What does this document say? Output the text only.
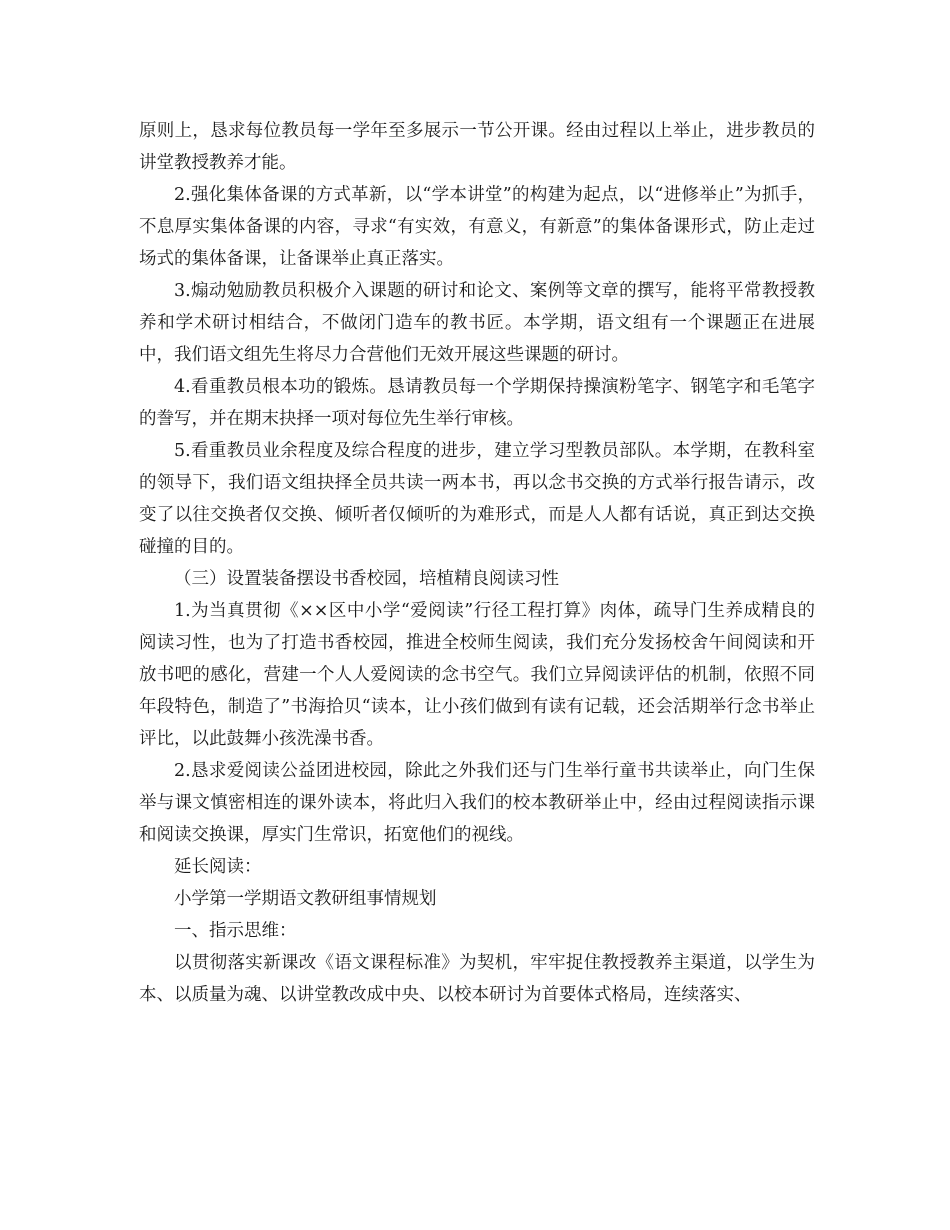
原则上，恳求每位教员每一学年至多展示一节公开课。经由过程以上举止，进步教员的讲堂教授教养才能。

2.强化集体备课的方式革新，以“学本讲堂”的构建为起点，以“进修举止”为抓手，不息厚实集体备课的内容，寻求“有实效，有意义，有新意”的集体备课形式，防止走过场式的集体备课，让备课举止真正落实。

3.煽动勉励教员积极介入课题的研讨和论文、案例等文章的撰写，能将平常教授教养和学术研讨相结合，不做闭门造车的教书匠。本学期，语文组有一个课题正在进展中，我们语文组先生将尽力合营他们无效开展这些课题的研讨。

4.看重教员根本功的锻炼。恳请教员每一个学期保持操演粉笔字、钢笔字和毛笔字的誊写，并在期末抉择一项对每位先生举行审核。

5.看重教员业余程度及综合程度的进步，建立学习型教员部队。本学期，在教科室的领导下，我们语文组抉择全员共读一两本书，再以念书交换的方式举行报告请示，改变了以往交换者仅交换、倾听者仅倾听的为难形式，而是人人都有话说，真正到达交换碰撞的目的。

（三）设置装备摆设书香校园，培植精良阅读习性

1.为当真贯彻《××区中小学“爱阅读”行径工程打算》肉体，疏导门生养成精良的阅读习性，也为了打造书香校园，推进全校师生阅读，我们充分发扬校舍午间阅读和开放书吧的感化，营建一个人人爱阅读的念书空气。我们立异阅读评估的机制，依照不同年段特色，制造了”书海拾贝“读本，让小孩们做到有读有记载，还会活期举行念书举止评比，以此鼓舞小孩洗澡书香。

2.恳求爱阅读公益团进校园，除此之外我们还与门生举行童书共读举止，向门生保举与课文慎密相连的课外读本，将此归入我们的校本教研举止中，经由过程阅读指示课和阅读交换课，厚实门生常识，拓宽他们的视线。

延长阅读：

小学第一学期语文教研组事情规划

一、指示思维：

以贯彻落实新课改《语文课程标准》为契机，牢牢捉住教授教养主渠道，以学生为本、以质量为魂、以讲堂教改成中央、以校本研讨为首要体式格局，连续落实、
